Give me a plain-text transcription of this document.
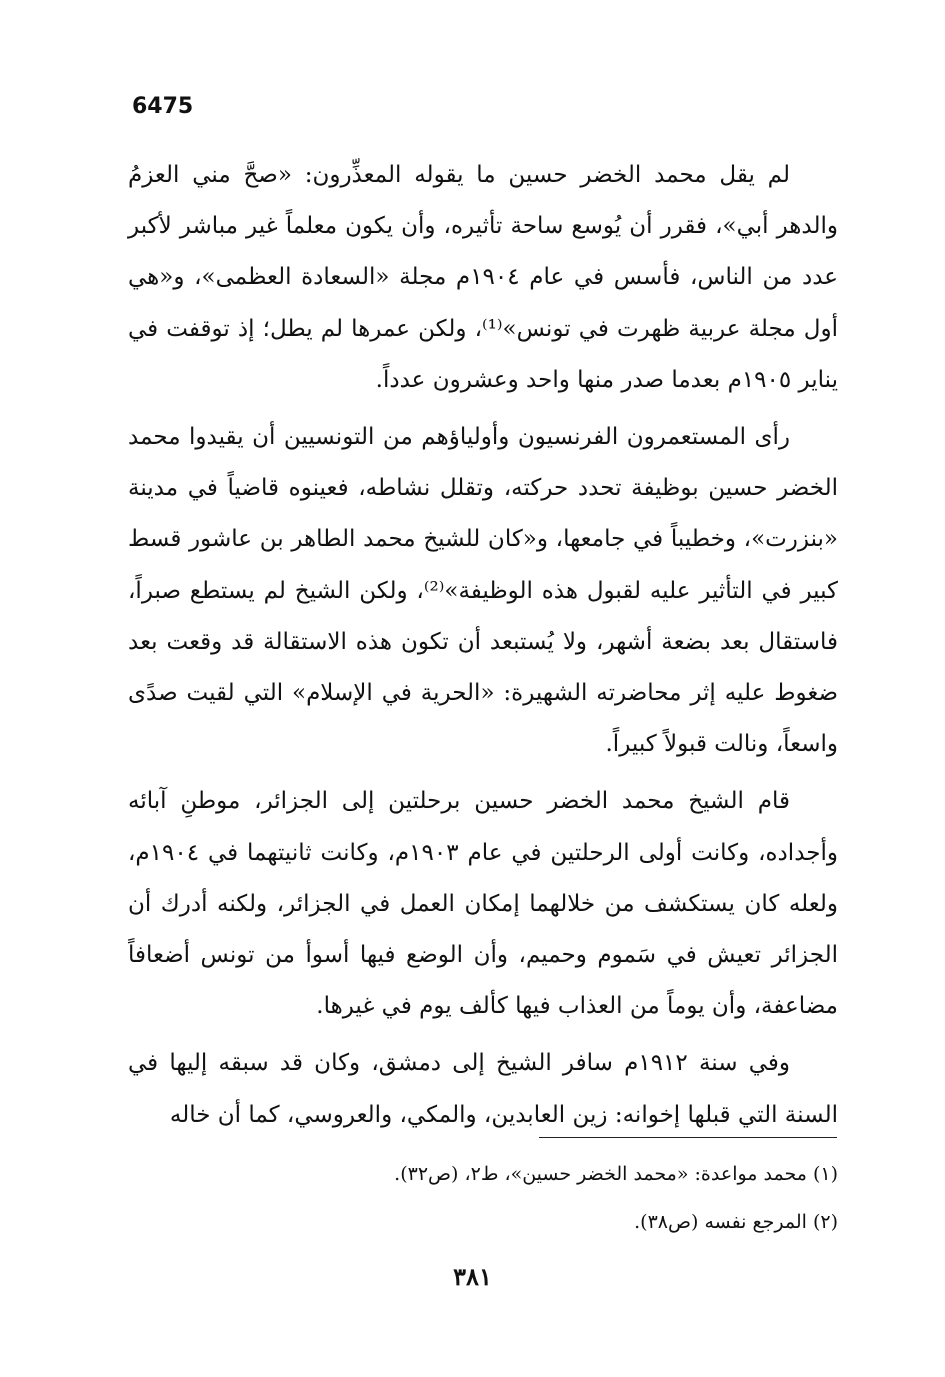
6475

لم يقل محمد الخضر حسين ما يقوله المعذِّرون: «صحَّ مني العزمُ والدهر أبي»، فقرر أن يُوسع ساحة تأثيره، وأن يكون معلماً غير مباشر لأكبر عدد من الناس، فأسس في عام ١٩٠٤م مجلة «السعادة العظمى»، و«هي أول مجلة عربية ظهرت في تونس»⁽¹⁾، ولكن عمرها لم يطل؛ إذ توقفت في يناير ١٩٠٥م بعدما صدر منها واحد وعشرون عدداً.

رأى المستعمرون الفرنسيون وأولياؤهم من التونسيين أن يقيدوا محمد الخضر حسين بوظيفة تحدد حركته، وتقلل نشاطه، فعينوه قاضياً في مدينة «بنزرت»، وخطيباً في جامعها، و«كان للشيخ محمد الطاهر بن عاشور قسط كبير في التأثير عليه لقبول هذه الوظيفة»⁽²⁾، ولكن الشيخ لم يستطع صبراً، فاستقال بعد بضعة أشهر، ولا يُستبعد أن تكون هذه الاستقالة قد وقعت بعد ضغوط عليه إثر محاضرته الشهيرة: «الحرية في الإسلام» التي لقيت صدًى واسعاً، ونالت قبولاً كبيراً.

قام الشيخ محمد الخضر حسين برحلتين إلى الجزائر، موطنِ آبائه وأجداده، وكانت أولى الرحلتين في عام ١٩٠٣م، وكانت ثانيتهما في ١٩٠٤م، ولعله كان يستكشف من خلالهما إمكان العمل في الجزائر، ولكنه أدرك أن الجزائر تعيش في سَموم وحميم، وأن الوضع فيها أسوأ من تونس أضعافاً مضاعفة، وأن يوماً من العذاب فيها كألف يوم في غيرها.

وفي سنة ١٩١٢م سافر الشيخ إلى دمشق، وكان قد سبقه إليها في السنة التي قبلها إخوانه: زين العابدين، والمكي، والعروسي، كما أن خاله

(١) محمد مواعدة: «محمد الخضر حسين»، ط٢، (ص٣٢).
(٢) المرجع نفسه (ص٣٨).
٣٨١
